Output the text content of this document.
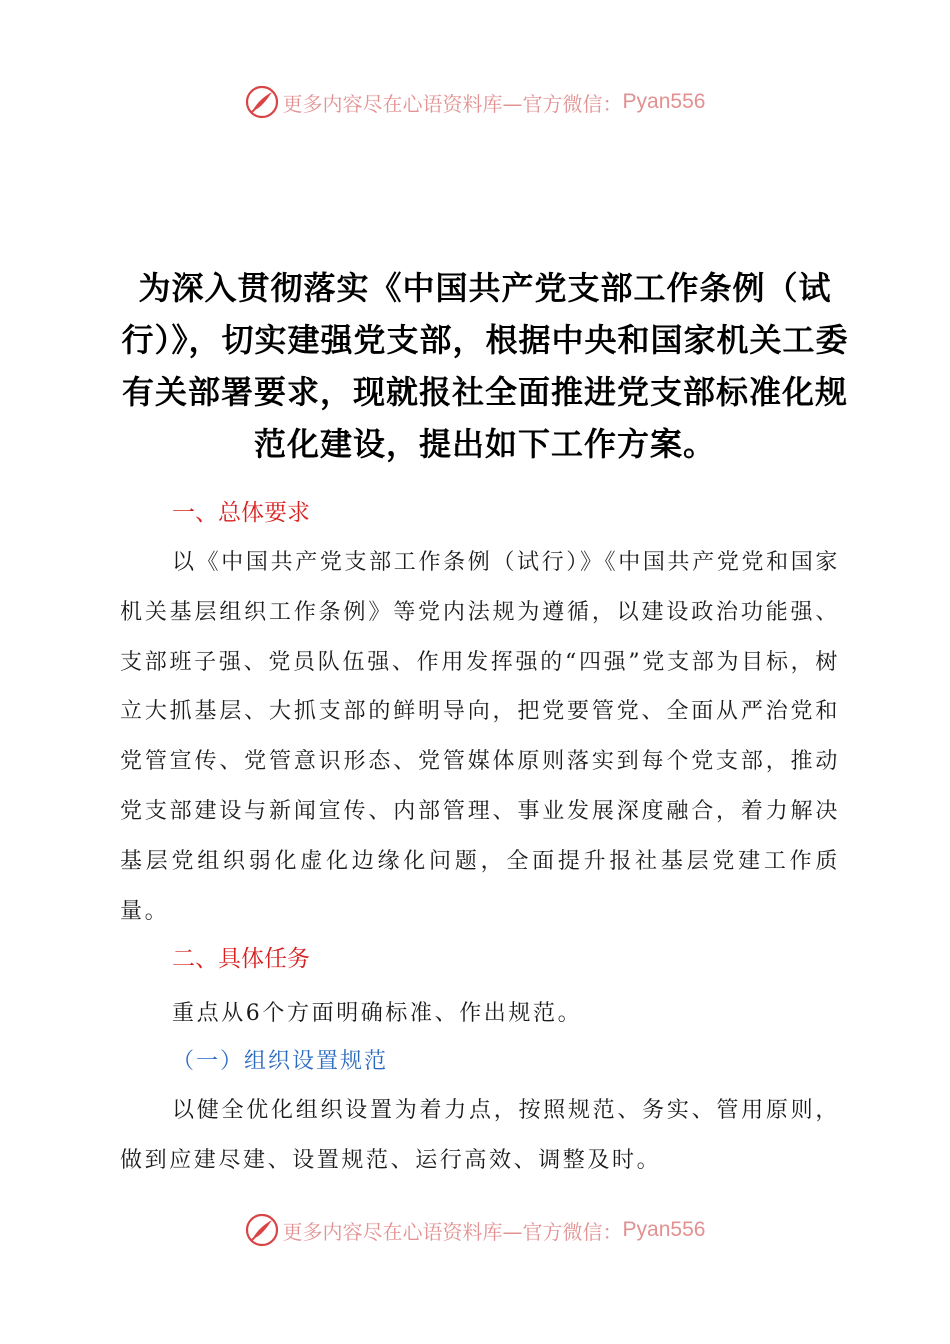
更多内容尽在心语资料库—官方微信： Pyan556
为深入贯彻落实《中国共产党支部工作条例（试行）》，切实建强党支部，根据中央和国家机关工委有关部署要求，现就报社全面推进党支部标准化规范化建设，提出如下工作方案。

一、总体要求

以《中国共产党支部工作条例（试行）》《中国共产党党和国家机关基层组织工作条例》等党内法规为遵循，以建设政治功能强、支部班子强、党员队伍强、作用发挥强的“四强”党支部为目标，树立大抓基层、大抓支部的鲜明导向，把党要管党、全面从严治党和党管宣传、党管意识形态、党管媒体原则落实到每个党支部，推动党支部建设与新闻宣传、内部管理、事业发展深度融合，着力解决基层党组织弱化虚化边缘化问题，全面提升报社基层党建工作质量。

二、具体任务

重点从6个方面明确标准、作出规范。

（一）组织设置规范

以健全优化组织设置为着力点，按照规范、务实、管用原则，做到应建尽建、设置规范、运行高效、调整及时。

更多内容尽在心语资料库—官方微信： Pyan556
